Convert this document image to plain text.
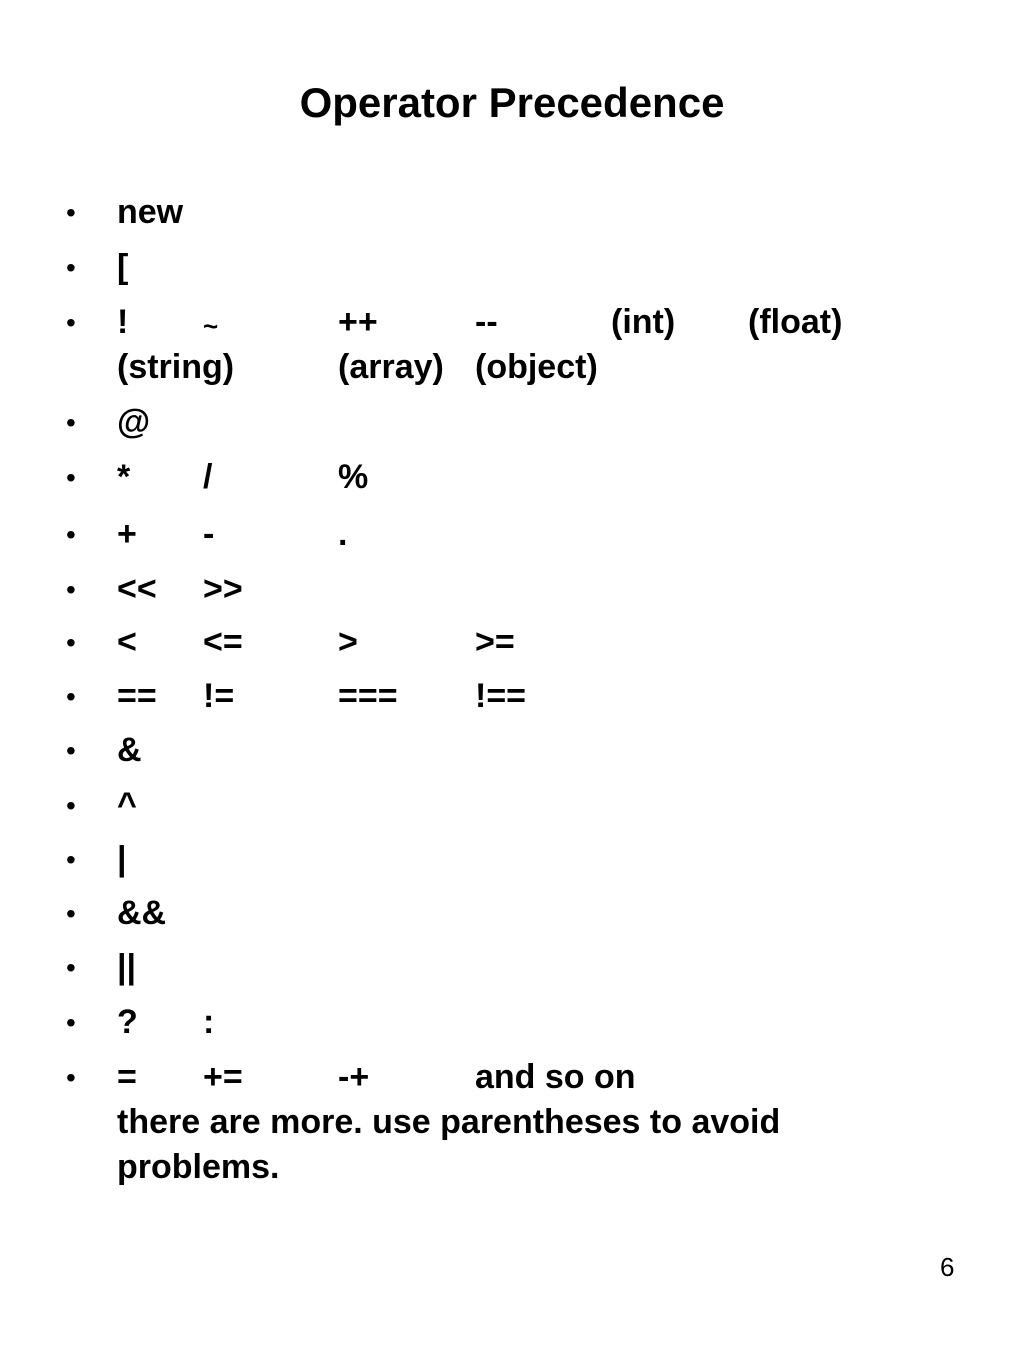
Operator Precedence
• new
• [
• !	~	++	--	(int) (float)
(string)	(array) (object)
• @
• * /	%
• + -	.
• << >>
• < <=	>	>=
• == !=	=== !==
• &
• ^
• |
• &&
• ||
• ? :
• = +=	-+	and so on
there are more. use parentheses to avoid
problems.
6
